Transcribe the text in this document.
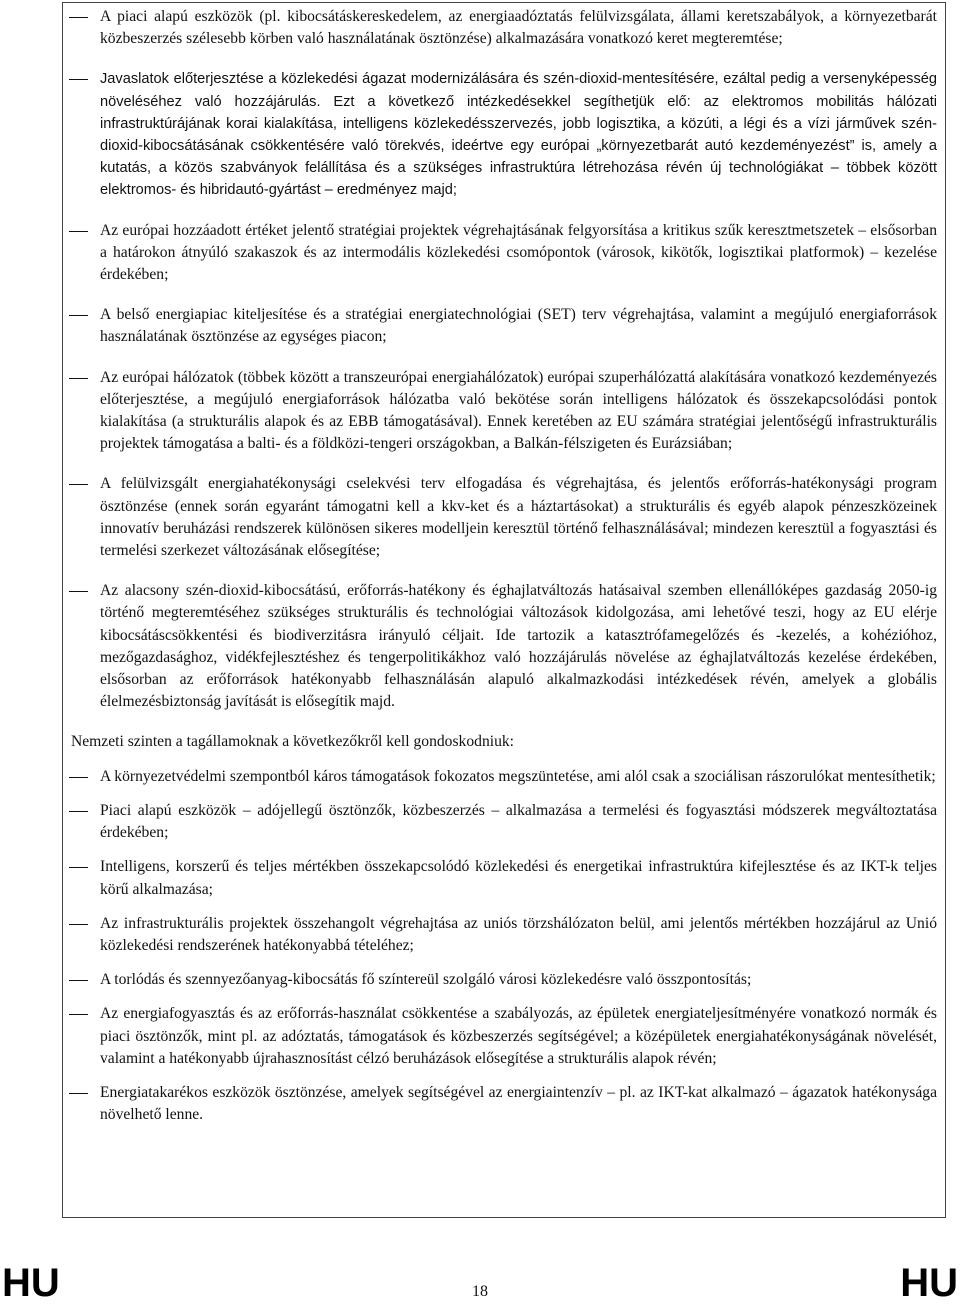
A piaci alapú eszközök (pl. kibocsátáskereskedelem, az energiaadóztatás felülvizsgálata, állami keretszabályok, a környezetbarát közbeszerzés szélesebb körben való használatának ösztönzése) alkalmazására vonatkozó keret megteremtése;
Javaslatok előterjesztése a közlekedési ágazat modernizálására és szén-dioxid-mentesítésére, ezáltal pedig a versenyképesség növeléséhez való hozzájárulás. Ezt a következő intézkedésekkel segíthetjük elő: az elektromos mobilitás hálózati infrastruktúrájának korai kialakítása, intelligens közlekedésszervezés, jobb logisztika, a közúti, a légi és a vízi járművek szén-dioxid-kibocsátásának csökkentésére való törekvés, ideértve egy európai „környezetbarát autó kezdeményezést” is, amely a kutatás, a közös szabványok felállítása és a szükséges infrastruktúra létrehozása révén új technológiákat ‒ többek között elektromos- és hibridautó-gyártást ‒ eredményez majd;
Az európai hozzáadott értéket jelentő stratégiai projektek végrehajtásának felgyorsítása a kritikus szűk keresztmetszetek ‒ elsősorban a határokon átnyúló szakaszok és az intermodális közlekedési csomópontok (városok, kikötők, logisztikai platformok) ‒ kezelése érdekében;
A belső energiapiac kiteljesítése és a stratégiai energiatechnológiai (SET) terv végrehajtása, valamint a megújuló energiaforrások használatának ösztönzése az egységes piacon;
Az európai hálózatok (többek között a transzeurópai energiahálózatok) európai szuperhálózattá alakítására vonatkozó kezdeményezés előterjesztése, a megújuló energiaforrások hálózatba való bekötése során intelligens hálózatok és összekapcsolódási pontok kialakítása (a strukturális alapok és az EBB támogatásával). Ennek keretében az EU számára stratégiai jelentőségű infrastrukturális projektek támogatása a balti- és a földközi-tengeri országokban, a Balkán-félszigeten és Eurázsiában;
A felülvizsgált energiahatékonysági cselekvési terv elfogadása és végrehajtása, és jelentős erőforrás-hatékonysági program ösztönzése (ennek során egyaránt támogatni kell a kkv-ket és a háztartásokat) a strukturális és egyéb alapok pénzeszközeinek innovatív beruházási rendszerek különösen sikeres modelljein keresztül történő felhasználásával; mindezen keresztül a fogyasztási és termelési szerkezet változásának elősegítése;
Az alacsony szén-dioxid-kibocsátású, erőforrás-hatékony és éghajlatváltozás hatásaival szemben ellenállóképes gazdaság 2050-ig történő megteremtéséhez szükséges strukturális és technológiai változások kidolgozása, ami lehetővé teszi, hogy az EU elérje kibocsátáscsökkentési és biodiverzitásra irányuló céljait. Ide tartozik a katasztrófamegelőzés és -kezelés, a kohézióhoz, mezőgazdasághoz, vidékfejlesztéshez és tengerpolitikákhoz való hozzájárulás növelése az éghajlatváltozás kezelése érdekében, elsősorban az erőforrások hatékonyabb felhasználásán alapuló alkalmazkodási intézkedések révén, amelyek a globális élelmezésbiztonság javítását is elősegítik majd.
Nemzeti szinten a tagállamoknak a következőkről kell gondoskodniuk:
A környezetvédelmi szempontból káros támogatások fokozatos megszüntetése, ami alól csak a szociálisan rászorulókat mentesíthetik;
Piaci alapú eszközök ‒ adójellegű ösztönzők, közbeszerzés ‒ alkalmazása a termelési és fogyasztási módszerek megváltoztatása érdekében;
Intelligens, korszerű és teljes mértékben összekapcsolódó közlekedési és energetikai infrastruktúra kifejlesztése és az IKT-k teljes körű alkalmazása;
Az infrastrukturális projektek összehangolt végrehajtása az uniós törzshálózaton belül, ami jelentős mértékben hozzájárul az Unió közlekedési rendszerének hatékonyabbá tételéhez;
A torlódás és szennyezőanyag-kibocsátás fő színtereül szolgáló városi közlekedésre való összpontosítás;
Az energiafogyasztás és az erőforrás-használat csökkentése a szabályozás, az épületek energiateljesítményére vonatkozó normák és piaci ösztönzők, mint pl. az adóztatás, támogatások és közbeszerzés segítségével; a középületek energiahatékonyságának növelését, valamint a hatékonyabb újrahasznosítást célzó beruházások elősegítése a strukturális alapok révén;
Energiatakarékos eszközök ösztönzése, amelyek segítségével az energiaintenzív ‒ pl. az IKT-kat alkalmazó ‒ ágazatok hatékonysága növelhető lenne.
HU	18	HU
